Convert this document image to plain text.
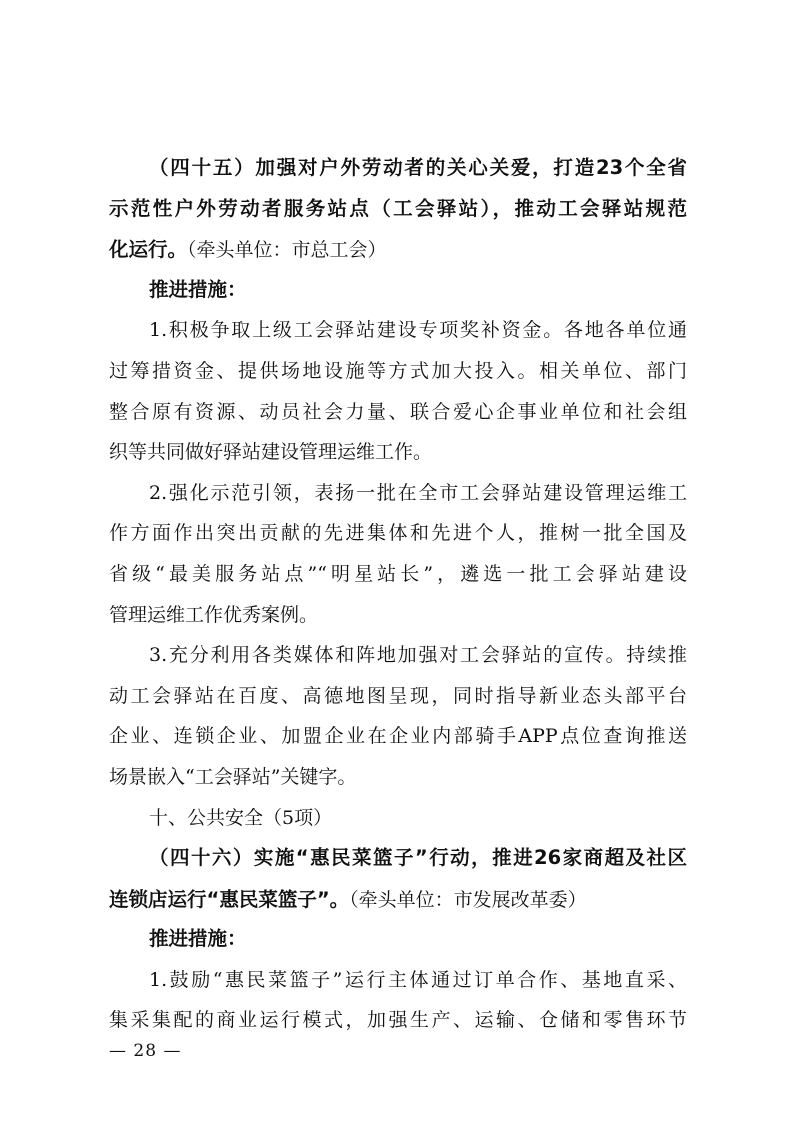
（四十五）加强对户外劳动者的关心关爱，打造23个全省
示范性户外劳动者服务站点（工会驿站），推动工会驿站规范
化运行。（牵头单位：市总工会）
推进措施：
1.积极争取上级工会驿站建设专项奖补资金。各地各单位通
过筹措资金、提供场地设施等方式加大投入。相关单位、部门
整合原有资源、动员社会力量、联合爱心企事业单位和社会组
织等共同做好驿站建设管理运维工作。
2.强化示范引领，表扬一批在全市工会驿站建设管理运维工
作方面作出突出贡献的先进集体和先进个人，推树一批全国及
省级“最美服务站点”“明星站长”，遴选一批工会驿站建设
管理运维工作优秀案例。
3.充分利用各类媒体和阵地加强对工会驿站的宣传。持续推
动工会驿站在百度、高德地图呈现，同时指导新业态头部平台
企业、连锁企业、加盟企业在企业内部骑手APP点位查询推送
场景嵌入“工会驿站”关键字。
十、公共安全（5项）
（四十六）实施“惠民菜篮子”行动，推进26家商超及社区
连锁店运行“惠民菜篮子”。（牵头单位：市发展改革委）
推进措施：
1.鼓励“惠民菜篮子”运行主体通过订单合作、基地直采、
集采集配的商业运行模式，加强生产、运输、仓储和零售环节
— 28 —
